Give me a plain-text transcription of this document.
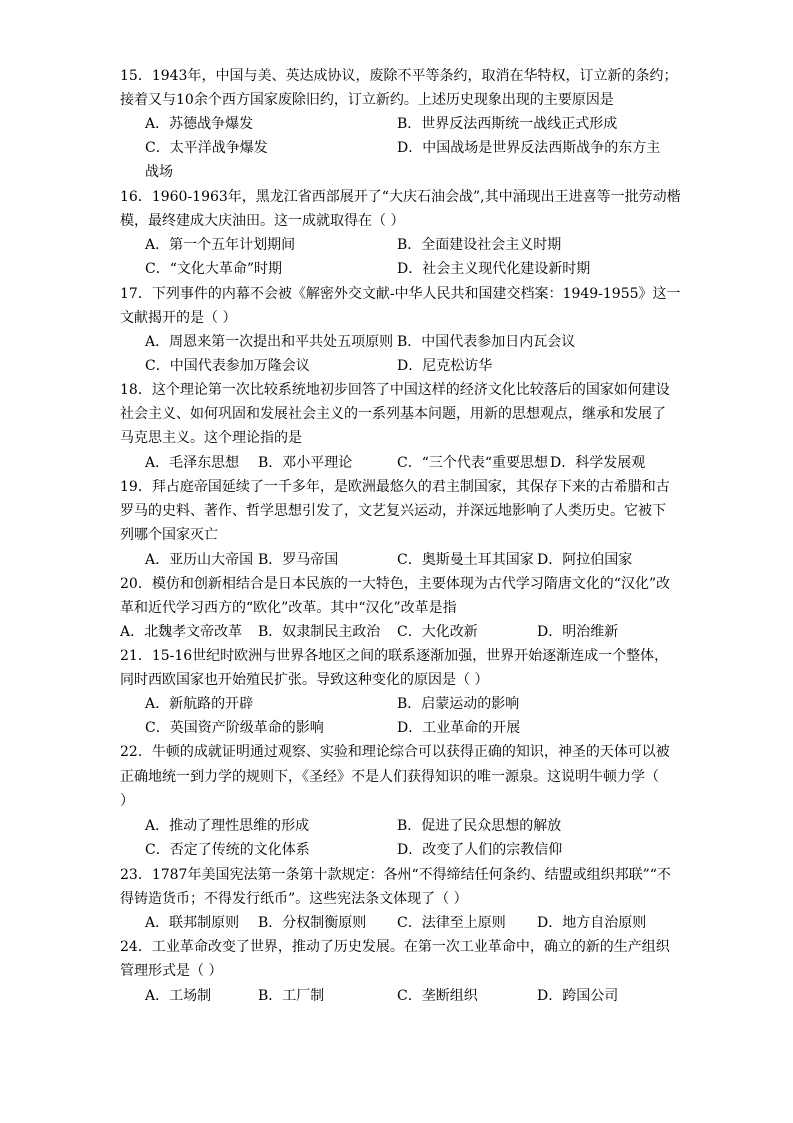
15．1943年，中国与美、英达成协议，废除不平等条约，取消在华特权，订立新的条约；
接着又与10余个西方国家废除旧约，订立新约。上述历史现象出现的主要原因是
A．苏德战争爆发	B．世界反法西斯统一战线正式形成
C．太平洋战争爆发	D．中国战场是世界反法西斯战争的东方主
战场
16．1960-1963年，黑龙江省西部展开了“大庆石油会战”,其中涌现出王进喜等一批劳动楷
模，最终建成大庆油田。这一成就取得在（ ）
A．第一个五年计划期间	B．全面建设社会主义时期
C．“文化大革命”时期	D．社会主义现代化建设新时期
17．下列事件的内幕不会被《解密外交文献-中华人民共和国建交档案：1949-1955》这一
文献揭开的是（ ）
A．周恩来第一次提出和平共处五项原则 B．中国代表参加日内瓦会议
C．中国代表参加万隆会议	D．尼克松访华
18．这个理论第一次比较系统地初步回答了中国这样的经济文化比较落后的国家如何建设
社会主义、如何巩固和发展社会主义的一系列基本问题，用新的思想观点，继承和发展了
马克思主义。这个理论指的是
A．毛泽东思想 B．邓小平理论	C．“三个代表“重要思想 D．科学发展观
19．拜占庭帝国延续了一千多年，是欧洲最悠久的君主制国家，其保存下来的古希腊和古
罗马的史料、著作、哲学思想引发了，文艺复兴运动，并深远地影响了人类历史。它被下
列哪个国家灭亡
A．亚历山大帝国 B．罗马帝国	C．奥斯曼土耳其国家 D．阿拉伯国家
20．模仿和创新相结合是日本民族的一大特色，主要体现为古代学习隋唐文化的“汉化”改
革和近代学习西方的“欧化”改革。其中“汉化”改革是指
A．北魏孝文帝改革 B．奴隶制民主政治 C．大化改新	D．明治维新
21．15-16世纪时欧洲与世界各地区之间的联系逐渐加强，世界开始逐渐连成一个整体，
同时西欧国家也开始殖民扩张。导致这种变化的原因是（ ）
A．新航路的开辟	B．启蒙运动的影响
C．英国资产阶级革命的影响	D．工业革命的开展
22．牛顿的成就证明通过观察、实验和理论综合可以获得正确的知识，神圣的天体可以被
正确地统一到力学的规则下，《圣经》不是人们获得知识的唯一源泉。这说明牛顿力学（
）
A．推动了理性思维的形成	B．促进了民众思想的解放
C．否定了传统的文化体系	D．改变了人们的宗教信仰
23．1787年美国宪法第一条第十款规定：各州“不得缔结任何条约、结盟或组织邦联”“不
得铸造货币；不得发行纸币”。这些宪法条文体现了（ ）
A．联邦制原则 B．分权制衡原则 C．法律至上原则 D．地方自治原则
24．工业革命改变了世界，推动了历史发展。在第一次工业革命中，确立的新的生产组织
管理形式是（ ）
A．工场制	B．工厂制	C．垄断组织	D．跨国公司
